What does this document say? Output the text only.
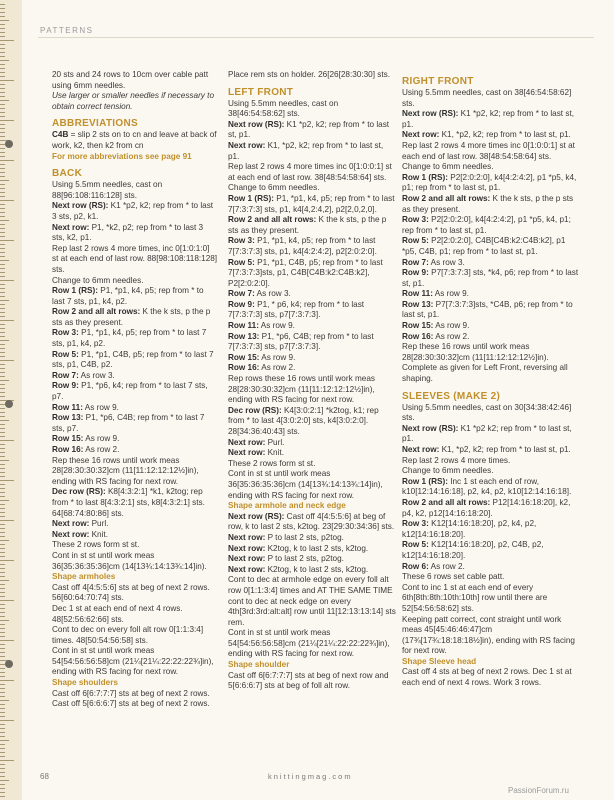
PATTERNS

20 sts and 24 rows to 10cm over cable patt using 6mm needles.

Use larger or smaller needles if necessary to obtain correct tension.

ABBREVIATIONS

C4B = slip 2 sts on to cn and leave at back of work, k2, then k2 from cn

For more abbreviations see page 91

BACK

Using 5.5mm needles, cast on 88[96:108:116:128] sts.

Next row (RS): K1 *p2, k2; rep from * to last 3 sts, p2, k1.

Next row: P1, *k2, p2; rep from * to last 3 sts, k2, p1.

Rep last 2 rows 4 more times, inc 0[1:0:1:0] st at each end of last row. 88[98:108:118:128] sts.

Change to 6mm needles.

Row 1 (RS): P1, *p1, k4, p5; rep from * to last 7 sts, p1, k4, p2.

Row 2 and all alt rows: K the k sts, p the p sts as they present.

Row 3: P1, *p1, k4, p5; rep from * to last 7 sts, p1, k4, p2.

Row 5: P1, *p1, C4B, p5; rep from * to last 7 sts, p1, C4B, p2.

Row 7: As row 3.

Row 9: P1, *p6, k4; rep from * to last 7 sts, p7.

Row 11: As row 9.

Row 13: P1, *p6, C4B; rep from * to last 7 sts, p7.

Row 15: As row 9.

Row 16: As row 2.

Rep these 16 rows until work meas 28[28:30:30:32]cm (11[11:12:12:12½]in), ending with RS facing for next row.

Dec row (RS): K8[4:3:2:1] *k1, k2tog; rep from * to last 8[4:3:2:1] sts, k8[4:3:2:1] sts. 64[68:74:80:86] sts.

Next row: Purl.

Next row: Knit.

These 2 rows form st st.

Cont in st st until work meas 36[35:36:35:36]cm (14[13¾:14:13¾:14]in).

Shape armholes

Cast off 4[4:5:5:6] sts at beg of next 2 rows. 56[60:64:70:74] sts.

Dec 1 st at each end of next 4 rows. 48[52:56:62:66] sts.

Cont to dec on every foll alt row 0[1:1:3:4] times. 48[50:54:56:58] sts.

Cont in st st until work meas 54[54:56:56:58]cm (21¼[21¼:22:22:22¾]in), ending with RS facing for next row.

Shape shoulders

Cast off 6[6:7:7:7] sts at beg of next 2 rows. Cast off 5[6:6:6:7] sts at beg of next 2 rows.

Place rem sts on holder. 26[26[28:30:30] sts.

LEFT FRONT

Using 5.5mm needles, cast on 38[46:54:58:62] sts.

Next row (RS): K1 *p2, k2; rep from * to last st, p1.

Next row: K1, *p2, k2; rep from * to last st, p1.

Rep last 2 rows 4 more times inc 0[1:0:0:1] st at each end of last row. 38[48:54:58:64] sts.

Change to 6mm needles.

Row 1 (RS): P1, *p1, k4, p5; rep from * to last 7[7:3:7:3] sts, p1, k4[4,2:4,2], p2[2,0,2,0].

Row 2 and all alt rows: K the k sts, p the p sts as they present.

Row 3: P1, *p1, k4, p5; rep from * to last 7[7:3:7:3] sts, p1, k4[4:2:4:2], p2[2:0:2:0].

Row 5: P1, *p1, C4B, p5; rep from * to last 7[7:3:7:3]sts, p1, C4B[C4B:k2:C4B:k2], P2[2:0:2:0].

Row 7: As row 3.

Row 9: P1, * p6, k4; rep from * to last 7[7:3:7:3] sts, p7[7:3:7:3].

Row 11: As row 9.

Row 13: P1, *p6, C4B; rep from * to last 7[7:3:7:3] sts, p7[7:3:7:3].

Row 15: As row 9.

Row 16: As row 2.

Rep rows these 16 rows until work meas 28[28:30:30:32]cm (11[11:12:12:12½]in), ending with RS facing for next row.

Dec row (RS): K4[3:0:2:1] *k2tog, k1; rep from * to last 4[3:0:2:0] sts, k4[3:0:2:0]. 28[34:36:40:43] sts.

Next row: Purl.

Next row: Knit.

These 2 rows form st st.

Cont in st st until work meas 36[35:36:35:36]cm (14[13¾:14:13¾:14]in), ending with RS facing for next row.

Shape armhole and neck edge

Next row (RS): Cast off 4[4:5:5:6] at beg of row, k to last 2 sts, k2tog. 23[29:30:34:36] sts.

Next row: P to last 2 sts, p2tog.

Next row: K2tog, k to last 2 sts, k2tog.

Next row: P to last 2 sts, p2tog.

Next row: K2tog, k to last 2 sts, k2tog.

Cont to dec at armhole edge on every foll alt row 0[1:1:3:4] times and AT THE SAME TIME cont to dec at neck edge on every 4th[3rd:3rd:alt:alt] row until 11[12:13:13:14] sts rem.

Cont in st st until work meas 54[54:56:56:58]cm (21¼[21¼:22:22:22¾]in), ending with RS facing for next row.

Shape shoulder

Cast off 6[6:7:7:7] sts at beg of next row and 5[6:6:6:7] sts at beg of foll alt row.

RIGHT FRONT

Using 5.5mm needles, cast on 38[46:54:58:62] sts.

Next row (RS): K1 *p2, k2; rep from * to last st, p1.

Next row: K1, *p2, k2; rep from * to last st, p1.

Rep last 2 rows 4 more times inc 0[1:0:0:1] st at each end of last row. 38[48:54:58:64] sts.

Change to 6mm needles.

Row 1 (RS): P2[2:0:2:0], k4[4:2:4:2], p1 *p5, k4, p1; rep from * to last st, p1.

Row 2 and all alt rows: K the k sts, p the p sts as they present.

Row 3: P2[2:0:2:0], k4[4:2:4:2], p1 *p5, k4, p1; rep from * to last st, p1.

Row 5: P2[2:0:2:0], C4B[C4B:k2:C4B:k2], p1 *p5, C4B, p1; rep from * to last st, p1.

Row 7: As row 3.

Row 9: P7[7:3:7:3] sts, *k4, p6; rep from * to last st, p1.

Row 11: As row 9.

Row 13: P7[7:3:7:3]sts, *C4B, p6; rep from * to last st, p1.

Row 15: As row 9.

Row 16: As row 2.

Rep these 16 rows until work meas 28[28:30:30:32]cm (11[11:12:12:12½]in).

Complete as given for Left Front, reversing all shaping.

SLEEVES (MAKE 2)

Using 5.5mm needles, cast on 30[34:38:42:46] sts.

Next row (RS): K1 *p2 k2; rep from * to last st, p1.

Next row: K1, *p2, k2; rep from * to last st, p1.

Rep last 2 rows 4 more times.

Change to 6mm needles.

Row 1 (RS): Inc 1 st each end of row, k10[12:14:16:18], p2, k4, p2, k10[12:14:16:18].

Row 2 and all alt rows: P12[14:16:18:20], k2, p4, k2, p12[14:16:18:20].

Row 3: K12[14:16:18:20], p2, k4, p2, k12[14:16:18:20].

Row 5: K12[14:16:18:20], p2, C4B, p2, k12[14:16:18:20].

Row 6: As row 2.

These 6 rows set cable patt.

Cont to inc 1 st at each end of every 6th[8th:8th:10th:10th] row until there are 52[54:56:58:62] sts.

Keeping patt correct, cont straight until work meas 45[45:46:46:47]cm (17¾[17¾:18:18:18½]in), ending with RS facing for next row.

Shape Sleeve head

Cast off 4 sts at beg of next 2 rows. Dec 1 st at each end of next 4 rows. Work 3 rows.

68	knittingmag.com
PassionForum.ru
